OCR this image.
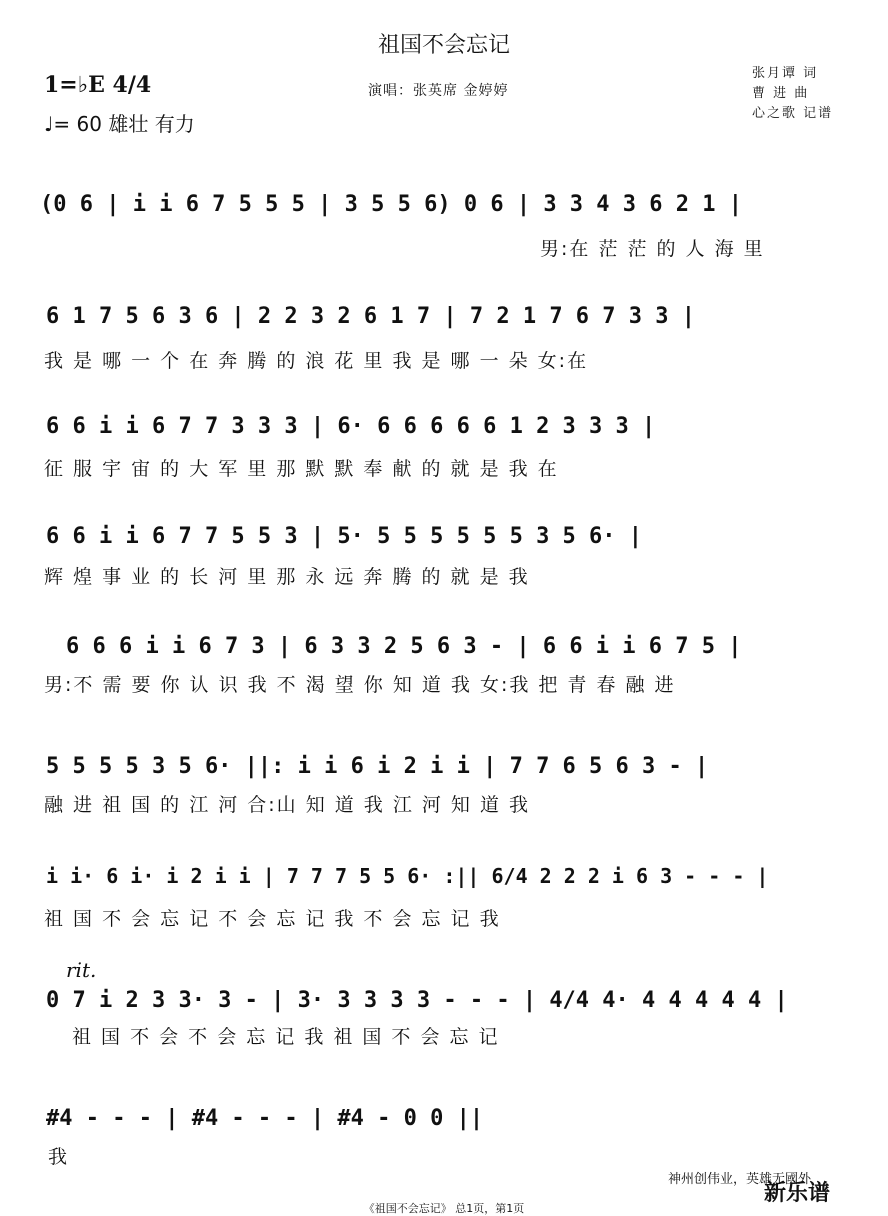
祖国不会忘记
1=♭E 4/4
♩= 60 雄壮 有力
演唱：张英席 金婷婷
张月谭 词
曹 进 曲
心之歌 记谱
rit.
(0 6 | i i 6 7 5 5 5 | 3 5 5 6) 0 6 | 3 3 4 3 6 2 1 |
男:在 茫 茫 的 人 海 里
6 1 7 5 6 3 6 | 2 2 3 2 6 1 7 | 7 2 1 7 6 7 3 3 |
我 是 哪 一 个 在 奔 腾 的 浪 花 里 我 是 哪 一 朵 女:在
6 6 i i 6 7 7 3 3 3 | 6· 6 6 6 6 6 1 2 3 3 3 |
征 服 宇 宙 的 大 军 里 那 默 默 奉 献 的 就 是 我 在
6 6 i i 6 7 7 5 5 3 | 5· 5 5 5 5 5 5 3 5 6· |
辉 煌 事 业 的 长 河 里 那 永 远 奔 腾 的 就 是 我
6 6 6 i i 6 7 3 | 6 3 3 2 5 6 3 - | 6 6 i i 6 7 5 |
男:不 需 要 你 认 识 我 不 渴 望 你 知 道 我 女:我 把 青 春 融 进
5 5 5 5 3 5 6· ||: i i 6 i 2 i i | 7 7 6 5 6 3 - |
融 进 祖 国 的 江 河 合:山 知 道 我 江 河 知 道 我
i i· 6 i· i 2 i i | 7 7 7 5 5 6· :|| 6/4 2 2 2 i 6 3 - - - |
祖 国 不 会 忘 记 不 会 忘 记 我 不 会 忘 记 我
0 7 i 2 3 3· 3 - | 3· 3 3 3 3 - - - | 4/4 4· 4 4 4 4 4 |
祖 国 不 会 不 会 忘 记 我 祖 国 不 会 忘 记
#4 - - - | #4 - - - | #4 - 0 0 ||
我
神州创伟业，英雄无國外
新乐谱
《祖国不会忘记》 总1页，第1页
